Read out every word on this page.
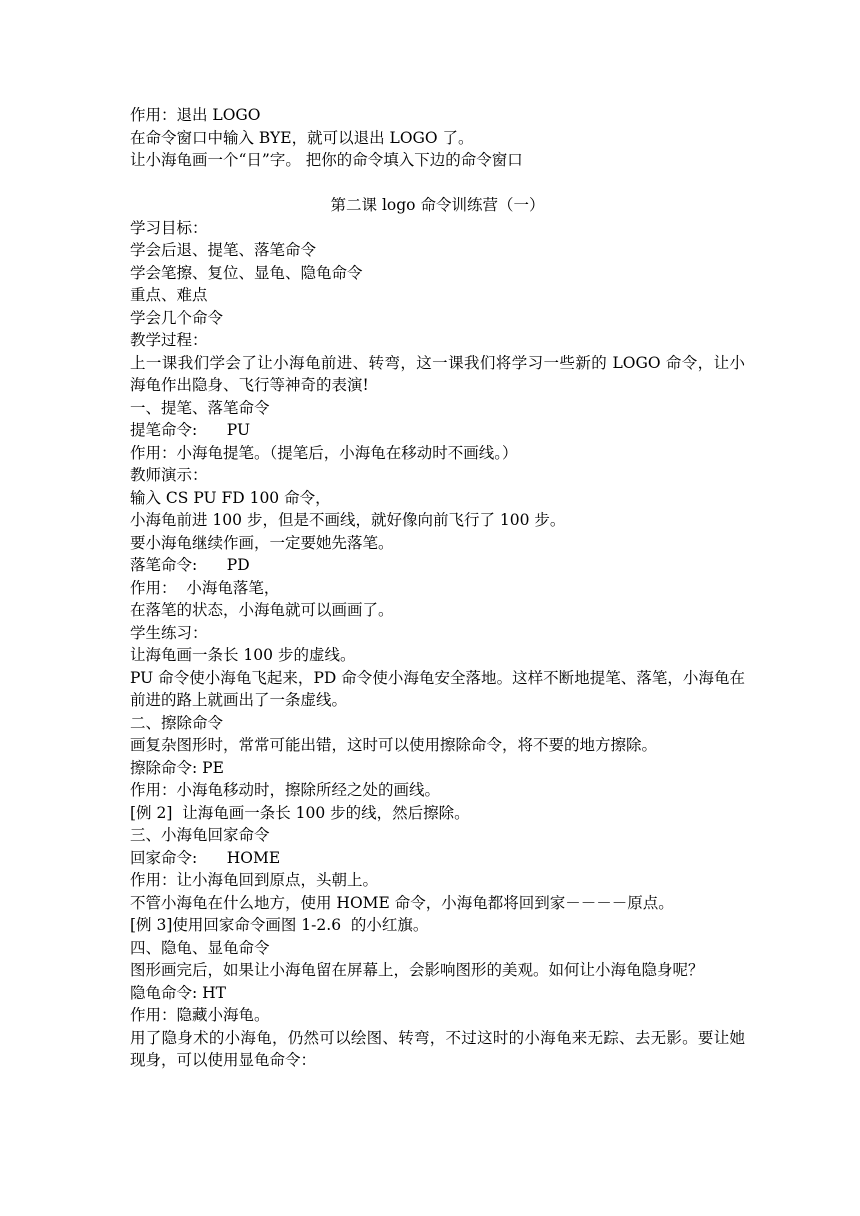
作用：退出 LOGO
在命令窗口中输入 BYE，就可以退出 LOGO 了。
让小海龟画一个“日”字。 把你的命令填入下边的命令窗口
第二课 logo 命令训练营（一）
学习目标：
学会后退、提笔、落笔命令
学会笔擦、复位、显龟、隐龟命令
重点、难点
学会几个命令
教学过程：
上一课我们学会了让小海龟前进、转弯，这一课我们将学习一些新的 LOGO 命令，让小海龟作出隐身、飞行等神奇的表演!
一、提笔、落笔命令
提笔命令:      PU
作用：小海龟提笔。（提笔后，小海龟在移动时不画线。）
教师演示：
输入 CS PU FD 100 命令，
小海龟前进 100 步，但是不画线，就好像向前飞行了 100 步。
要小海龟继续作画，一定要她先落笔。
落笔命令:      PD
作用：  小海龟落笔，
在落笔的状态，小海龟就可以画画了。
学生练习：
让海龟画一条长 100 步的虚线。
PU 命令使小海龟飞起来，PD 命令使小海龟安全落地。这样不断地提笔、落笔，小海龟在前进的路上就画出了一条虚线。
二、擦除命令
画复杂图形时，常常可能出错，这时可以使用擦除命令，将不要的地方擦除。
擦除命令: PE
作用：小海龟移动时，擦除所经之处的画线。
[例 2]  让海龟画一条长 100 步的线，然后擦除。
三、小海龟回家命令
回家命令:      HOME
作用：让小海龟回到原点，头朝上。
不管小海龟在什么地方，使用 HOME 命令，小海龟都将回到家－－－－原点。
[例 3]使用回家命令画图 1-2.6  的小红旗。
四、隐龟、显龟命令
图形画完后，如果让小海龟留在屏幕上，会影响图形的美观。如何让小海龟隐身呢？
隐龟命令: HT
作用：隐藏小海龟。
用了隐身术的小海龟，仍然可以绘图、转弯，不过这时的小海龟来无踪、去无影。要让她现身，可以使用显龟命令：
